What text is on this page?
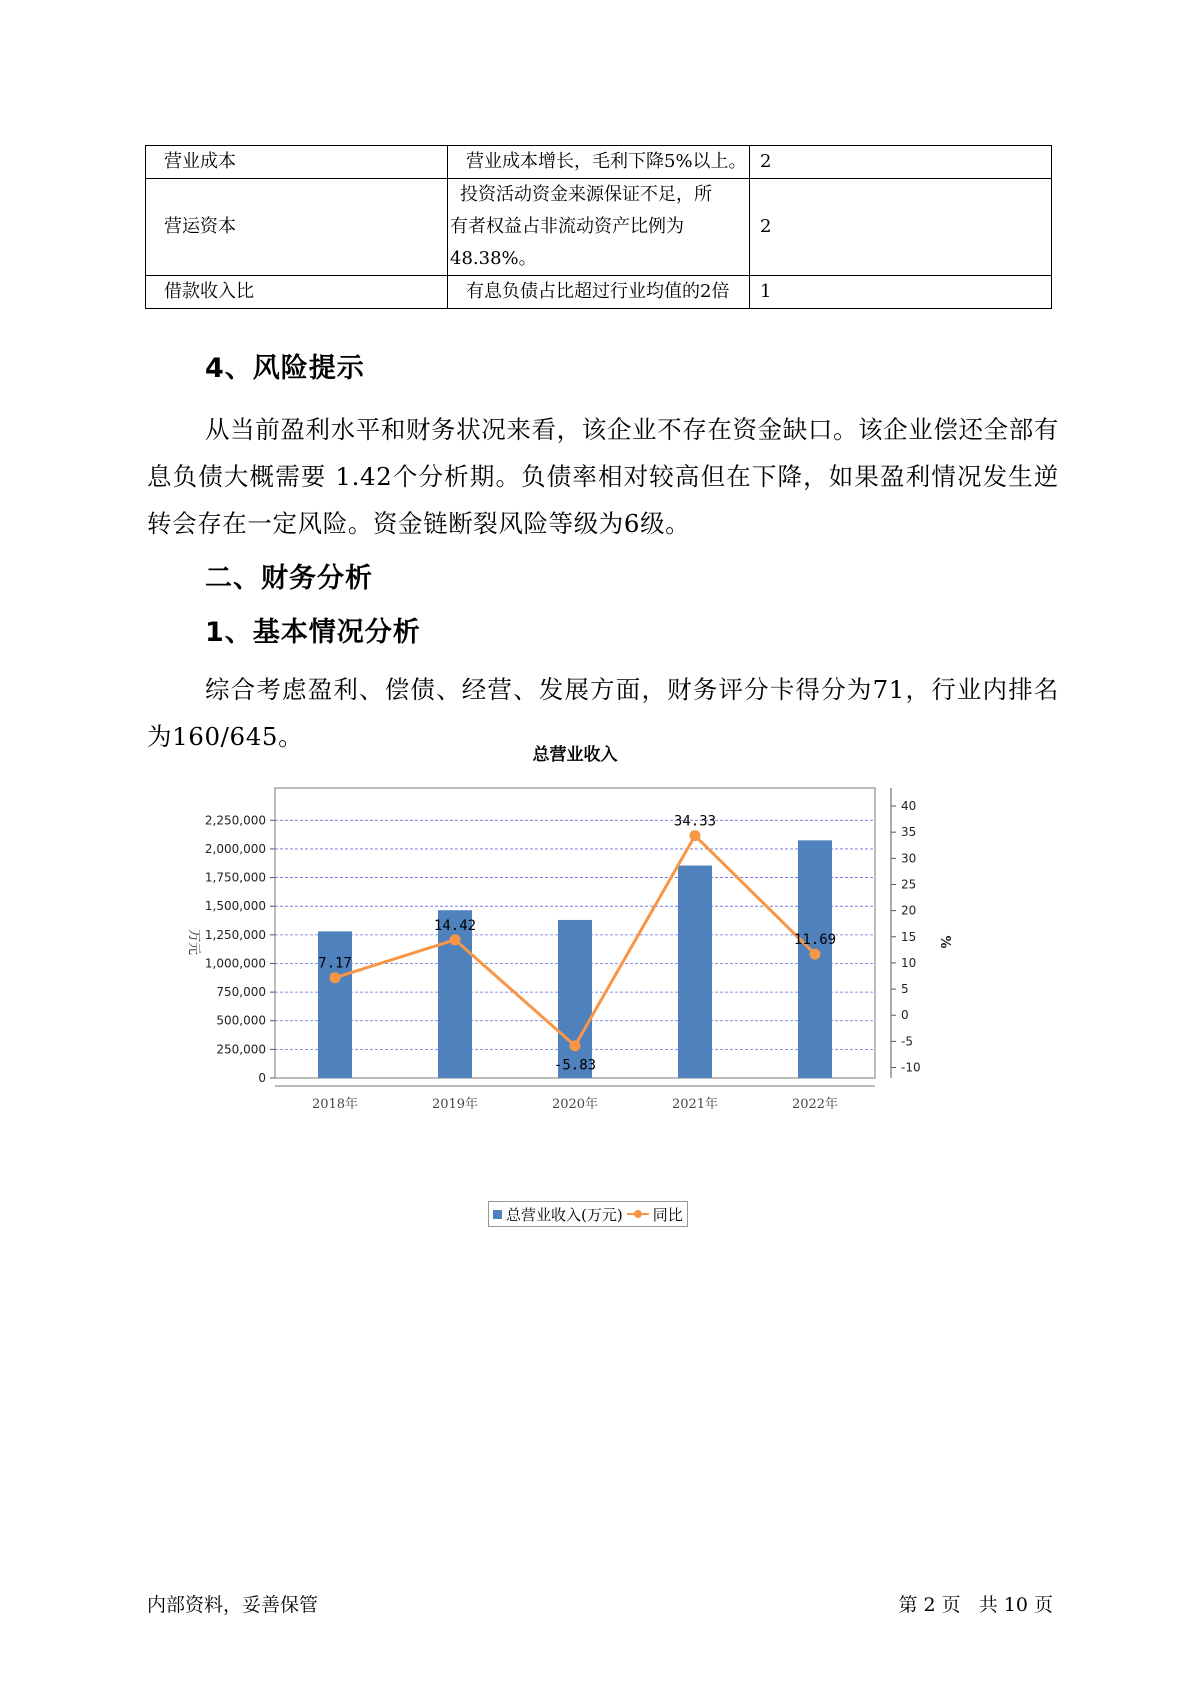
营业成本	营业成本增长，毛利下降5%以上。	2
营运资本	投资活动资金来源保证不足，所
有者权益占非流动资产比例为
48.38%。	2
借款收入比	有息负债占比超过行业均值的2倍	1
4、风险提示
从当前盈利水平和财务状况来看，该企业不存在资金缺口。该企业偿还全部有息负债大概需要 1.42个分析期。负债率相对较高但在下降，如果盈利情况发生逆转会存在一定风险。资金链断裂风险等级为6级。
二、财务分析
1、基本情况分析
综合考虑盈利、偿债、经营、发展方面，财务评分卡得分为71，行业内排名为160/645。
总营业收入
0
250,000
500,000
750,000
1,000,000
1,250,000
1,500,000
1,750,000
2,000,000
2,250,000
-10
-5
0
5
10
15
20
25
30
35
40
万元	%
2018年	2019年	2020年	2021年	2022年
7.17
14.42
-5.83
34.33
11.69
总营业收入(万元) 同比
内部资料，妥善保管	第 2 页   共 10 页
